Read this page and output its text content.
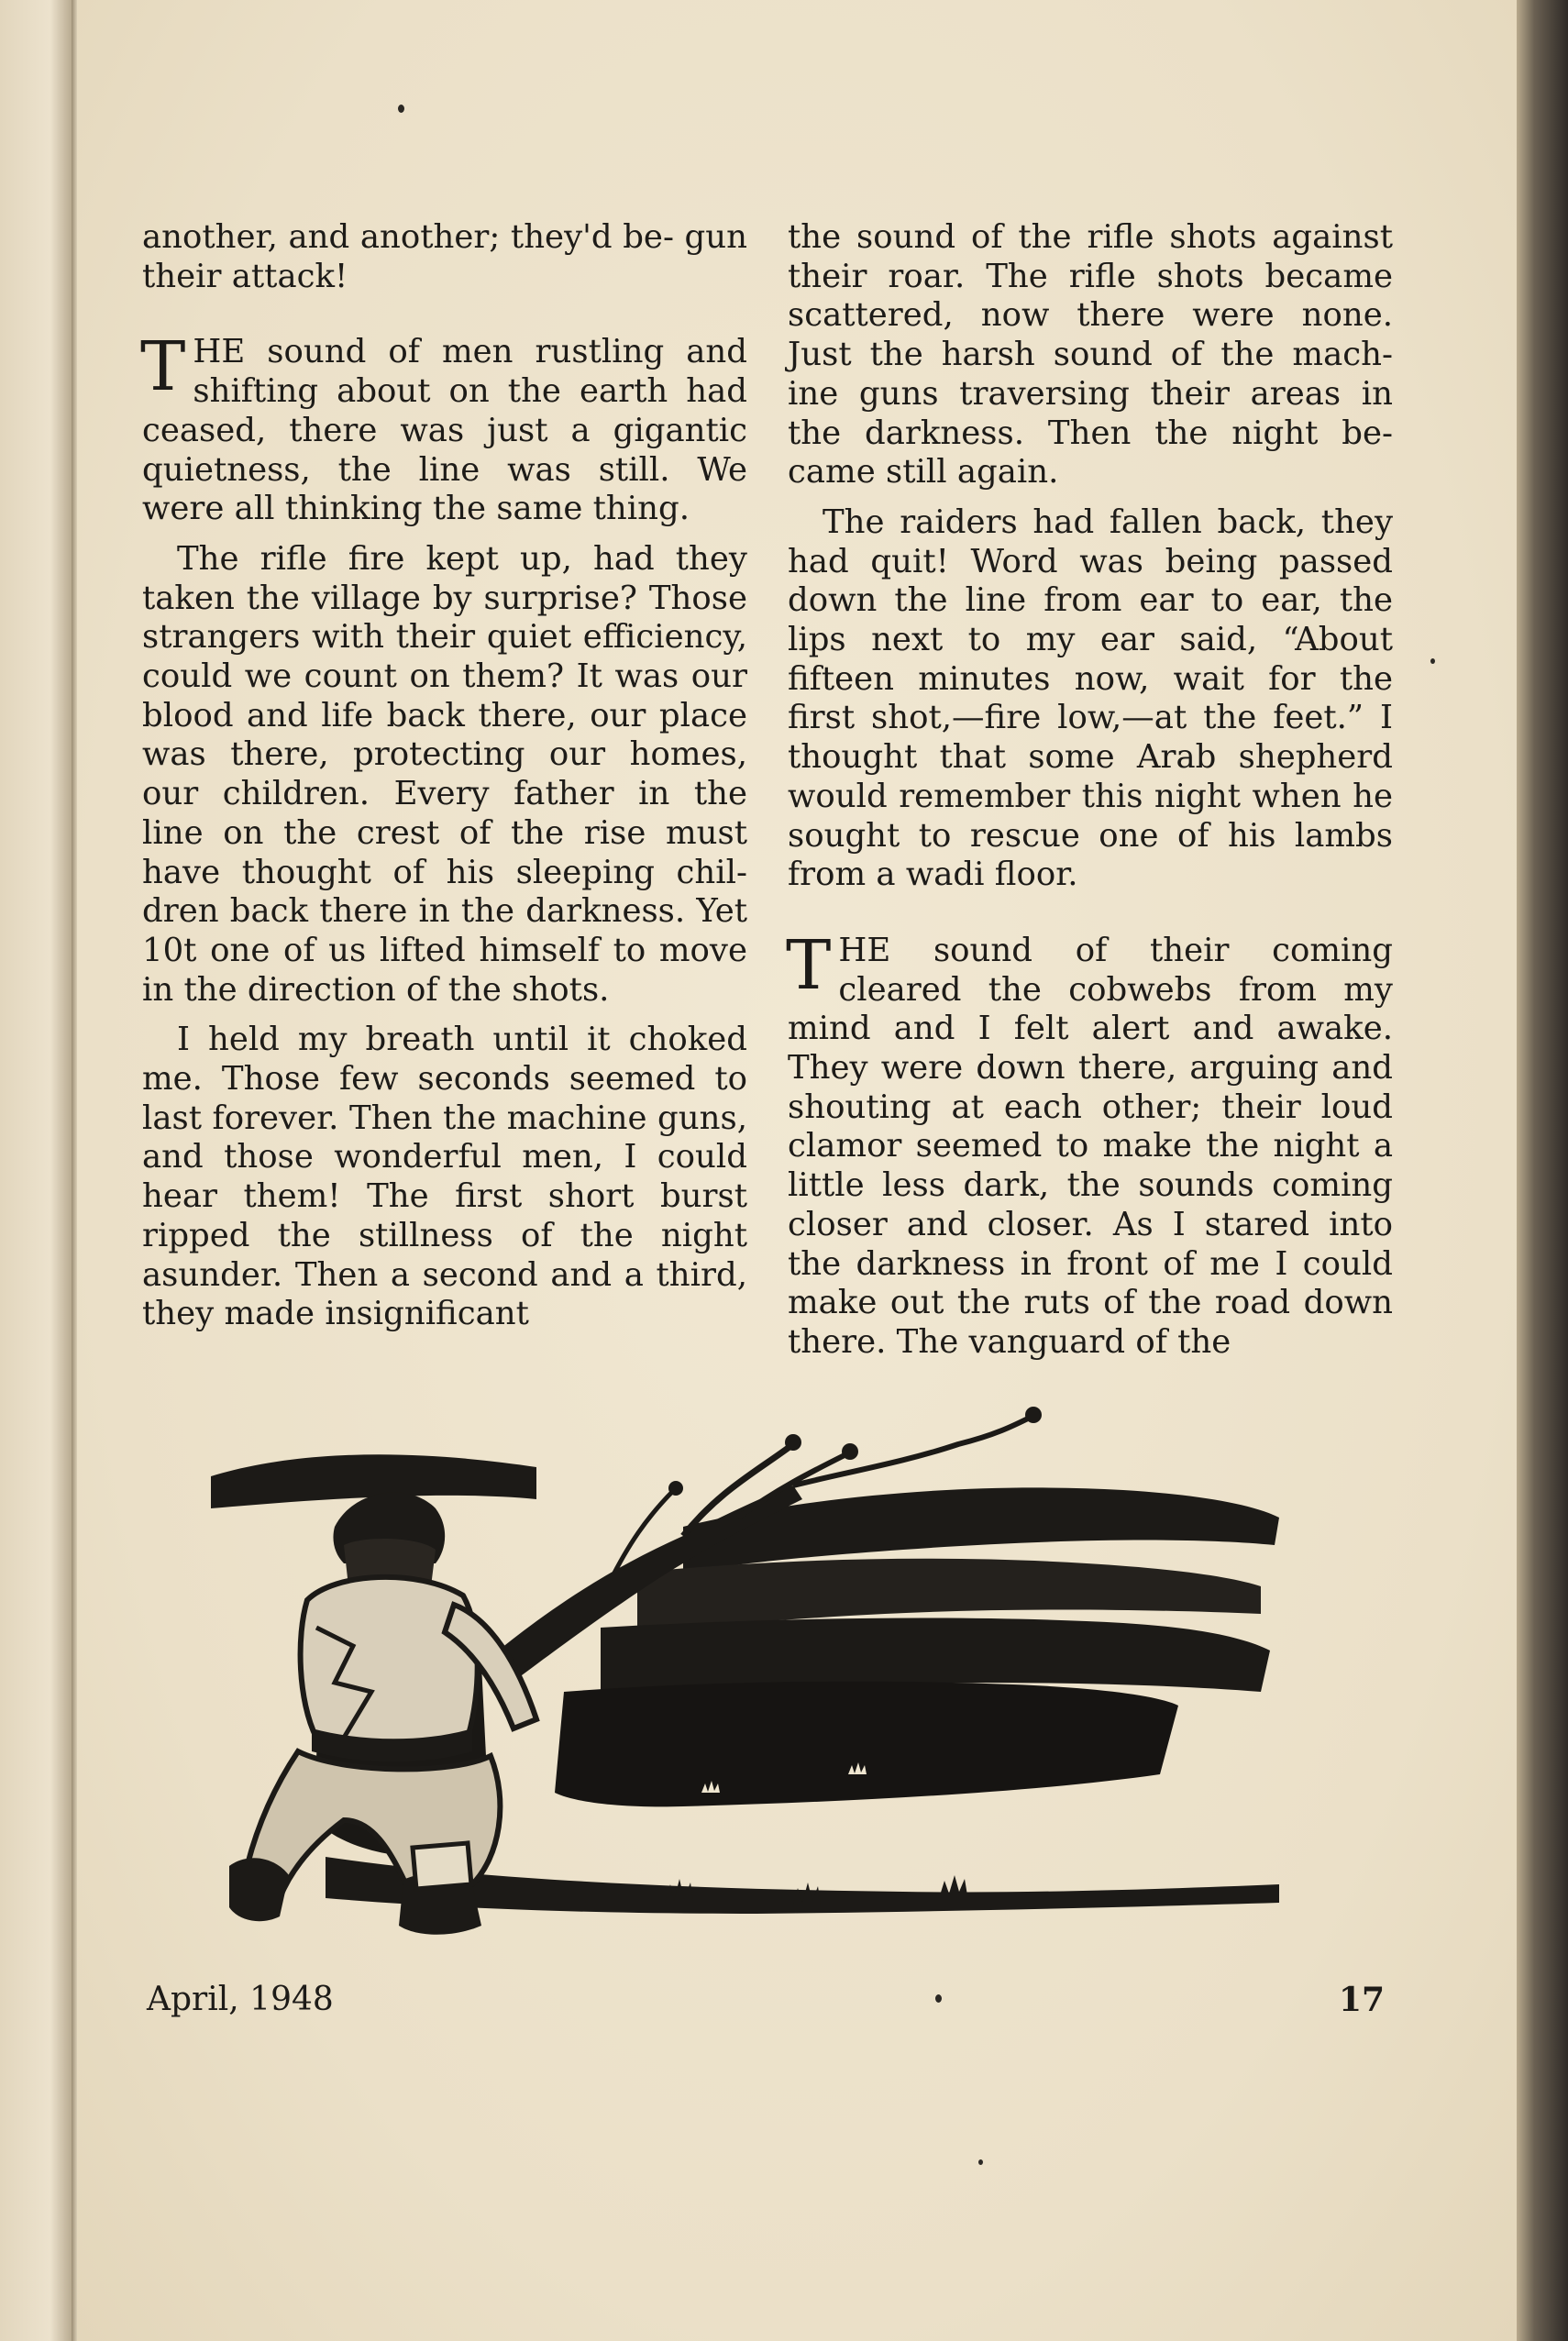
another, and another; they'd be- gun their attack!

THE sound of men rustling and shifting about on the earth had ceased, there was just a gigantic quietness, the line was still. We were all thinking the same thing.

The rifle fire kept up, had they taken the village by surprise? Those strangers with their quiet efficiency, could we count on them? It was our blood and life back there, our place was there, protecting our homes, our children. Every father in the line on the crest of the rise must have thought of his sleeping chil- dren back there in the darkness. Yet 10t one of us lifted himself to move in the direction of the shots.

I held my breath until it choked me. Those few seconds seemed to last forever. Then the machine guns, and those wonderful men, I could hear them! The first short burst ripped the stillness of the night asunder. Then a second and a third, they made insignificant

the sound of the rifle shots against their roar. The rifle shots became scattered, now there were none. Just the harsh sound of the mach- ine guns traversing their areas in the darkness. Then the night be- came still again.

The raiders had fallen back, they had quit! Word was being passed down the line from ear to ear, the lips next to my ear said, “About fifteen minutes now, wait for the first shot,—fire low,—at the feet.” I thought that some Arab shepherd would remember this night when he sought to rescue one of his lambs from a wadi floor.

THE sound of their coming cleared the cobwebs from my mind and I felt alert and awake. They were down there, arguing and shouting at each other; their loud clamor seemed to make the night a little less dark, the sounds coming closer and closer. As I stared into the darkness in front of me I could make out the ruts of the road down there. The vanguard of the

April, 1948	17
